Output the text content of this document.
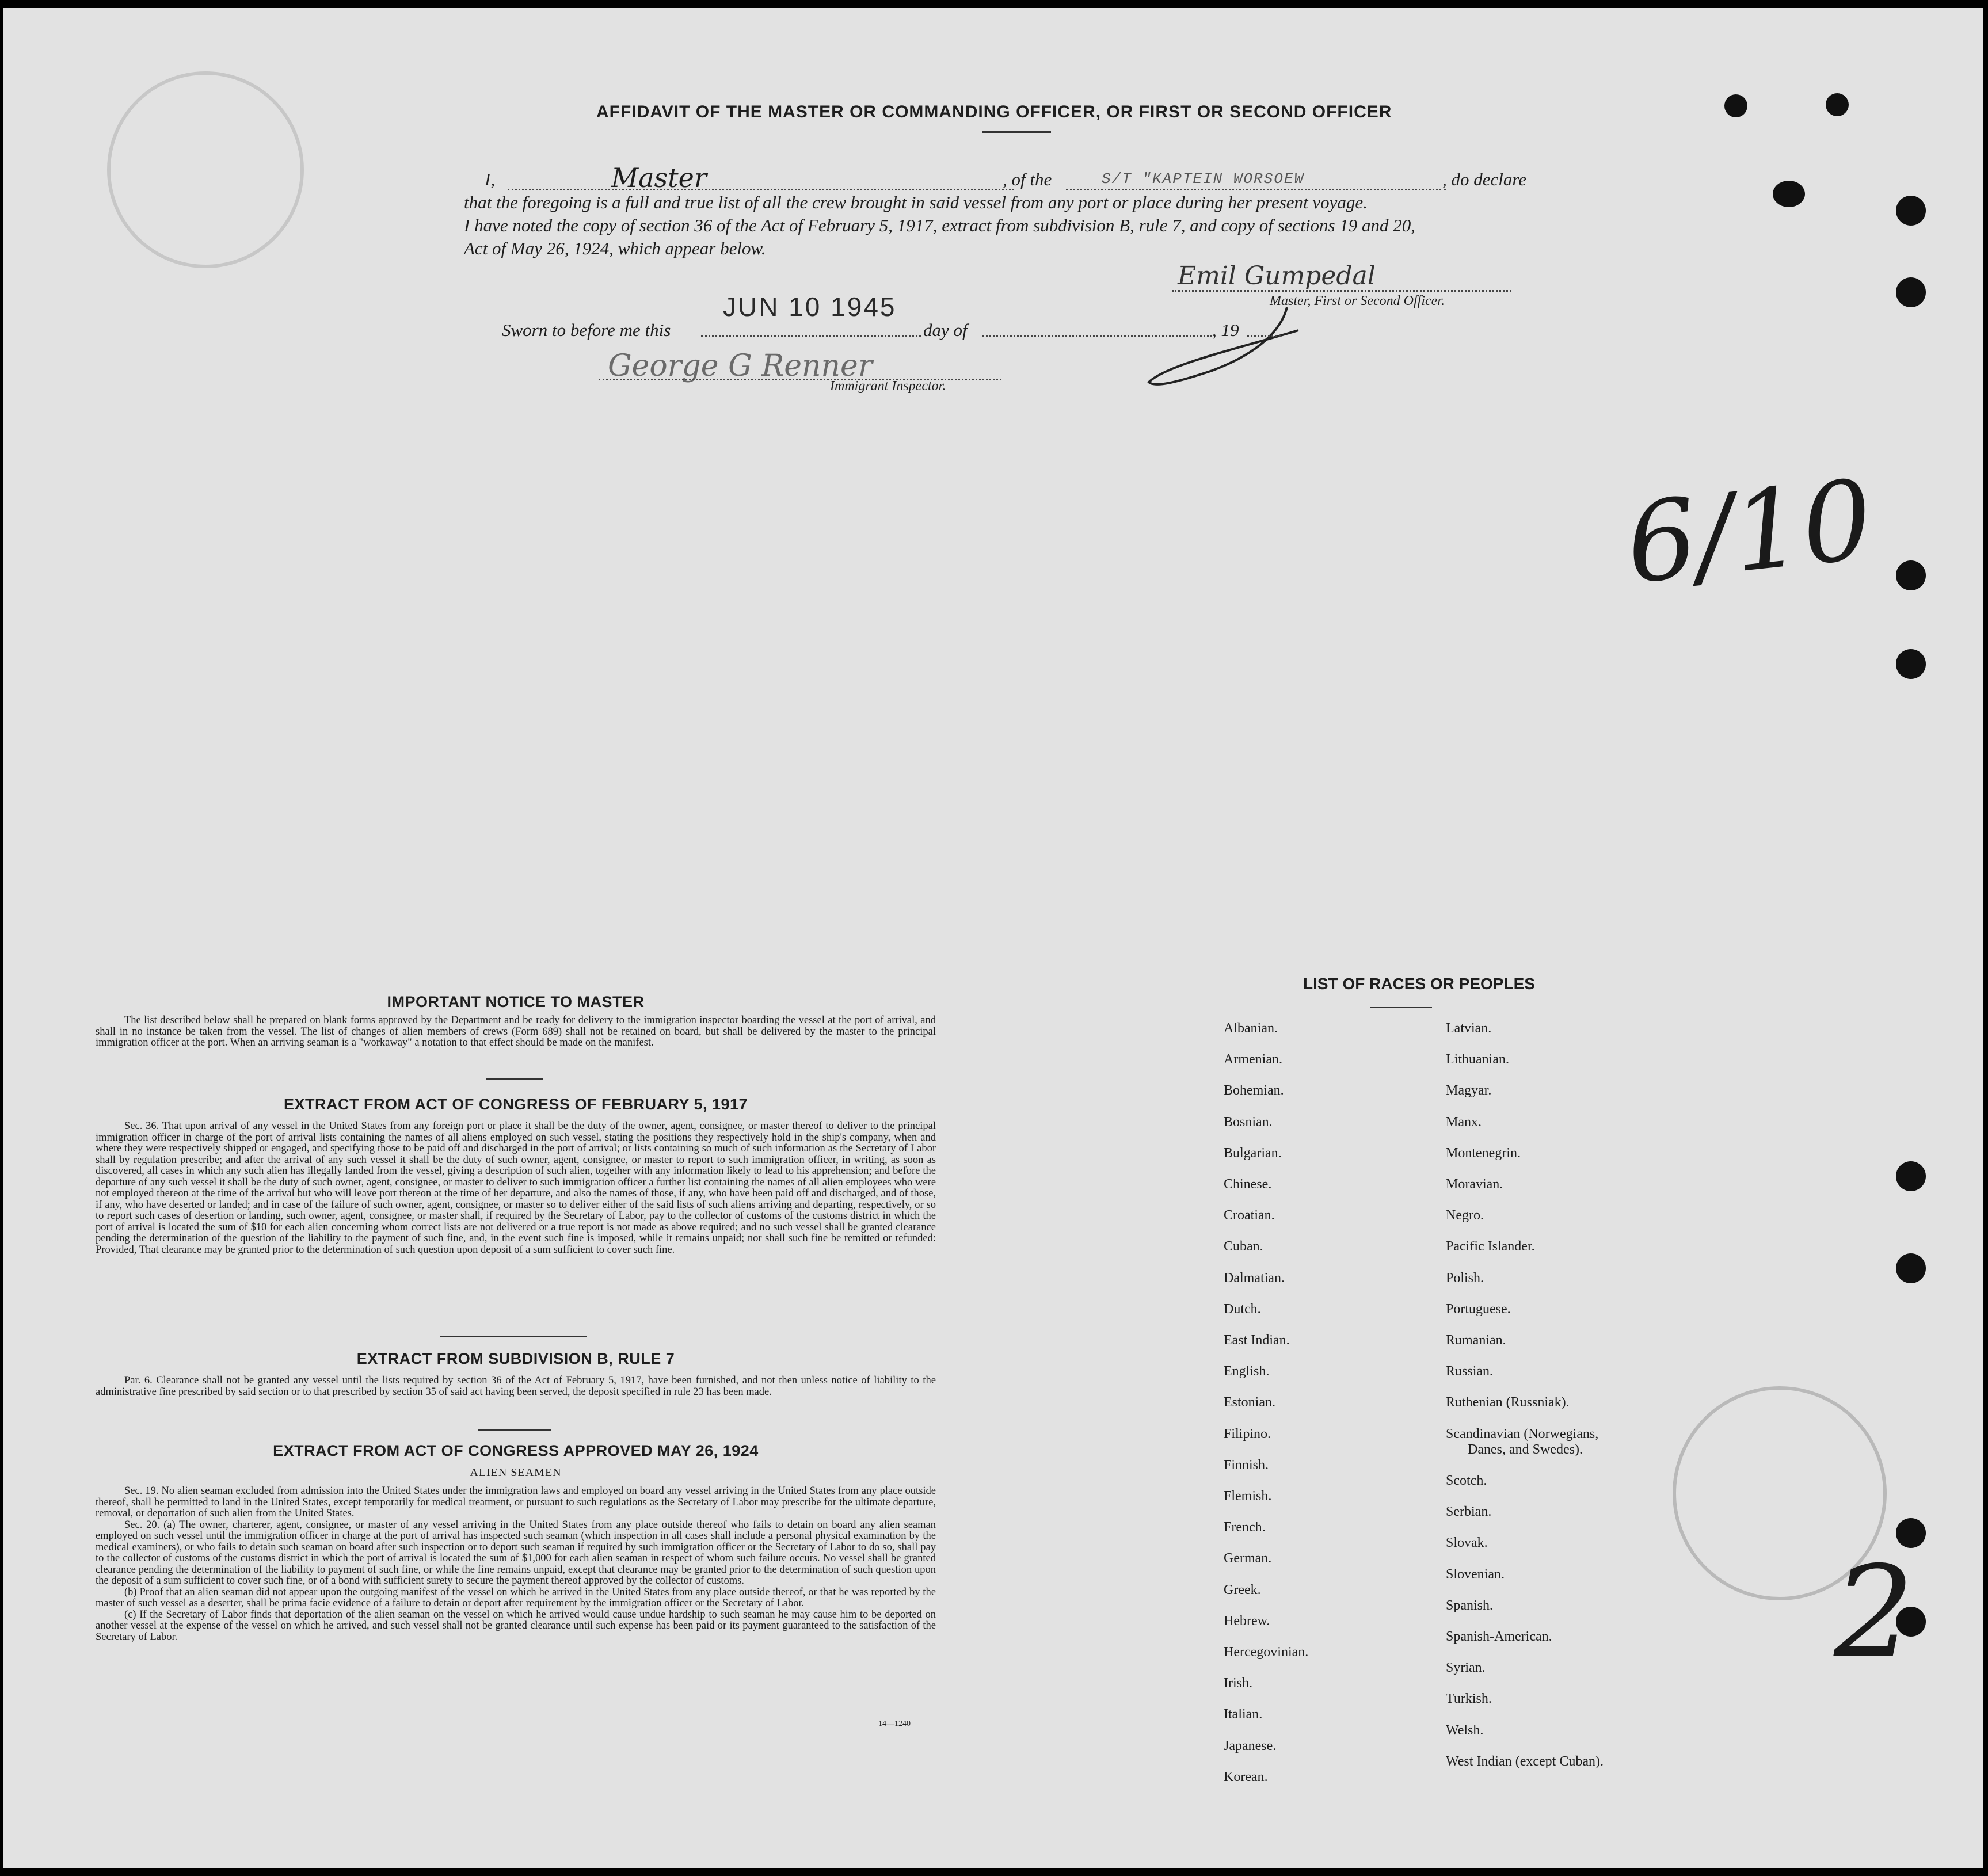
AFFIDAVIT OF THE MASTER OR COMMANDING OFFICER, OR FIRST OR SECOND OFFICER
I,	Master	, of the	S/T "KAPTEIN WORSOEW	, do declare
that the foregoing is a full and true list of all the crew brought in said vessel from any port or place during her present voyage.
I have noted the copy of section 36 of the Act of February 5, 1917, extract from subdivision B, rule 7, and copy of sections 19 and 20,
Act of May 26, 1924, which appear below.
Emil Gumpedal
Master, First or Second Officer.
Sworn to before me this
JUN 10 1945
day of	, 19
George G Renner
Immigrant Inspector.
6/10
2
IMPORTANT NOTICE TO MASTER
The list described below shall be prepared on blank forms approved by the Department and be ready for delivery to the immigration inspector boarding the vessel at the port of arrival, and shall in no instance be taken from the vessel. The list of changes of alien members of crews (Form 689) shall not be retained on board, but shall be delivered by the master to the principal immigration officer at the port. When an arriving seaman is a "workaway" a notation to that effect should be made on the manifest.
EXTRACT FROM ACT OF CONGRESS OF FEBRUARY 5, 1917
Sec. 36. That upon arrival of any vessel in the United States from any foreign port or place it shall be the duty of the owner, agent, consignee, or master thereof to deliver to the principal immigration officer in charge of the port of arrival lists containing the names of all aliens employed on such vessel, stating the positions they respectively hold in the ship's company, when and where they were respectively shipped or engaged, and specifying those to be paid off and discharged in the port of arrival; or lists containing so much of such information as the Secretary of Labor shall by regulation prescribe; and after the arrival of any such vessel it shall be the duty of such owner, agent, consignee, or master to report to such immigration officer, in writing, as soon as discovered, all cases in which any such alien has illegally landed from the vessel, giving a description of such alien, together with any information likely to lead to his apprehension; and before the departure of any such vessel it shall be the duty of such owner, agent, consignee, or master to deliver to such immigration officer a further list containing the names of all alien employees who were not employed thereon at the time of the arrival but who will leave port thereon at the time of her departure, and also the names of those, if any, who have been paid off and discharged, and of those, if any, who have deserted or landed; and in case of the failure of such owner, agent, consignee, or master so to deliver either of the said lists of such aliens arriving and departing, respectively, or so to report such cases of desertion or landing, such owner, agent, consignee, or master shall, if required by the Secretary of Labor, pay to the collector of customs of the customs district in which the port of arrival is located the sum of $10 for each alien concerning whom correct lists are not delivered or a true report is not made as above required; and no such vessel shall be granted clearance pending the determination of the question of the liability to the payment of such fine, and, in the event such fine is imposed, while it remains unpaid; nor shall such fine be remitted or refunded: Provided, That clearance may be granted prior to the determination of such question upon deposit of a sum sufficient to cover such fine.
EXTRACT FROM SUBDIVISION B, RULE 7
Par. 6. Clearance shall not be granted any vessel until the lists required by section 36 of the Act of February 5, 1917, have been furnished, and not then unless notice of liability to the administrative fine prescribed by said section or to that prescribed by section 35 of said act having been served, the deposit specified in rule 23 has been made.
EXTRACT FROM ACT OF CONGRESS APPROVED MAY 26, 1924
ALIEN SEAMEN
Sec. 19. No alien seaman excluded from admission into the United States under the immigration laws and employed on board any vessel arriving in the United States from any place outside thereof, shall be permitted to land in the United States, except temporarily for medical treatment, or pursuant to such regulations as the Secretary of Labor may prescribe for the ultimate departure, removal, or deportation of such alien from the United States.
Sec. 20. (a) The owner, charterer, agent, consignee, or master of any vessel arriving in the United States from any place outside thereof who fails to detain on board any alien seaman employed on such vessel until the immigration officer in charge at the port of arrival has inspected such seaman (which inspection in all cases shall include a personal physical examination by the medical examiners), or who fails to detain such seaman on board after such inspection or to deport such seaman if required by such immigration officer or the Secretary of Labor to do so, shall pay to the collector of customs of the customs district in which the port of arrival is located the sum of $1,000 for each alien seaman in respect of whom such failure occurs. No vessel shall be granted clearance pending the determination of the liability to payment of such fine, or while the fine remains unpaid, except that clearance may be granted prior to the determination of such question upon the deposit of a sum sufficient to cover such fine, or of a bond with sufficient surety to secure the payment thereof approved by the collector of customs.
(b) Proof that an alien seaman did not appear upon the outgoing manifest of the vessel on which he arrived in the United States from any place outside thereof, or that he was reported by the master of such vessel as a deserter, shall be prima facie evidence of a failure to detain or deport after requirement by the immigration officer or the Secretary of Labor.
(c) If the Secretary of Labor finds that deportation of the alien seaman on the vessel on which he arrived would cause undue hardship to such seaman he may cause him to be deported on another vessel at the expense of the vessel on which he arrived, and such vessel shall not be granted clearance until such expense has been paid or its payment guaranteed to the satisfaction of the Secretary of Labor.
14—1240
LIST OF RACES OR PEOPLES
Albanian.
Armenian.
Bohemian.
Bosnian.
Bulgarian.
Chinese.
Croatian.
Cuban.
Dalmatian.
Dutch.
East Indian.
English.
Estonian.
Filipino.
Finnish.
Flemish.
French.
German.
Greek.
Hebrew.
Hercegovinian.
Irish.
Italian.
Japanese.
Korean.
Latvian.
Lithuanian.
Magyar.
Manx.
Montenegrin.
Moravian.
Negro.
Pacific Islander.
Polish.
Portuguese.
Rumanian.
Russian.
Ruthenian (Russniak).
Scandinavian (Norwegians,
Danes, and Swedes).
Scotch.
Serbian.
Slovak.
Slovenian.
Spanish.
Spanish-American.
Syrian.
Turkish.
Welsh.
West Indian (except Cuban).
